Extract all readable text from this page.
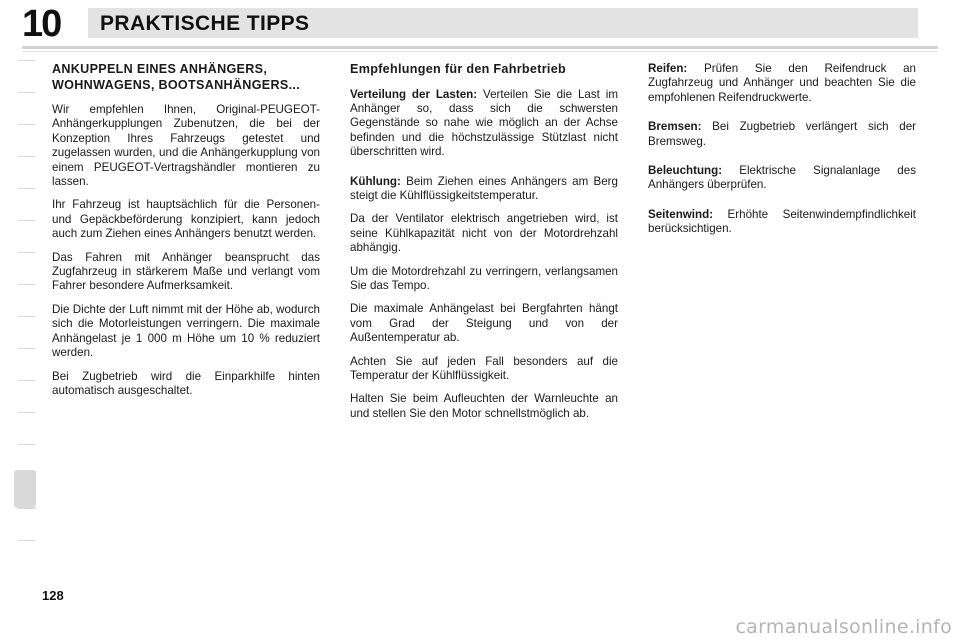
10 PRAKTISCHE TIPPS
ANKUPPELN EINES ANHÄNGERS, WOHNWAGENS, BOOTSANHÄNGERS...

Wir empfehlen Ihnen, Original-PEUGEOT-Anhängerkupplungen Zubenutzen, die bei der Konzeption Ihres Fahrzeugs getestet und zugelassen wurden, und die Anhängerkupplung von einem PEUGEOT-Vertragshändler montieren zu lassen.

Ihr Fahrzeug ist hauptsächlich für die Personen- und Gepäckbeförderung konzipiert, kann jedoch auch zum Ziehen eines Anhängers benutzt werden.

Das Fahren mit Anhänger beansprucht das Zugfahrzeug in stärkerem Maße und verlangt vom Fahrer besondere Aufmerksamkeit.

Die Dichte der Luft nimmt mit der Höhe ab, wodurch sich die Motorleistungen verringern. Die maximale Anhängelast je 1 000 m Höhe um 10 % reduziert werden.

Bei Zugbetrieb wird die Einparkhilfe hinten automatisch ausgeschaltet.

Empfehlungen für den Fahrbetrieb

Verteilung der Lasten: Verteilen Sie die Last im Anhänger so, dass sich die schwersten Gegenstände so nahe wie möglich an der Achse befinden und die höchstzulässige Stützlast nicht überschritten wird.

Kühlung: Beim Ziehen eines Anhängers am Berg steigt die Kühlflüssigkeitstemperatur.

Da der Ventilator elektrisch angetrieben wird, ist seine Kühlkapazität nicht von der Motordrehzahl abhängig.

Um die Motordrehzahl zu verringern, verlangsamen Sie das Tempo.

Die maximale Anhängelast bei Bergfahrten hängt vom Grad der Steigung und von der Außentemperatur ab.

Achten Sie auf jeden Fall besonders auf die Temperatur der Kühlflüssigkeit.

Halten Sie beim Aufleuchten der Warnleuchte an und stellen Sie den Motor schnellstmöglich ab.

Reifen: Prüfen Sie den Reifendruck an Zugfahrzeug und Anhänger und beachten Sie die empfohlenen Reifendruckwerte.

Bremsen: Bei Zugbetrieb verlängert sich der Bremsweg.

Beleuchtung: Elektrische Signalanlage des Anhängers überprüfen.

Seitenwind: Erhöhte Seitenwindempfindlichkeit berücksichtigen.

128
carmanualsonline.info
